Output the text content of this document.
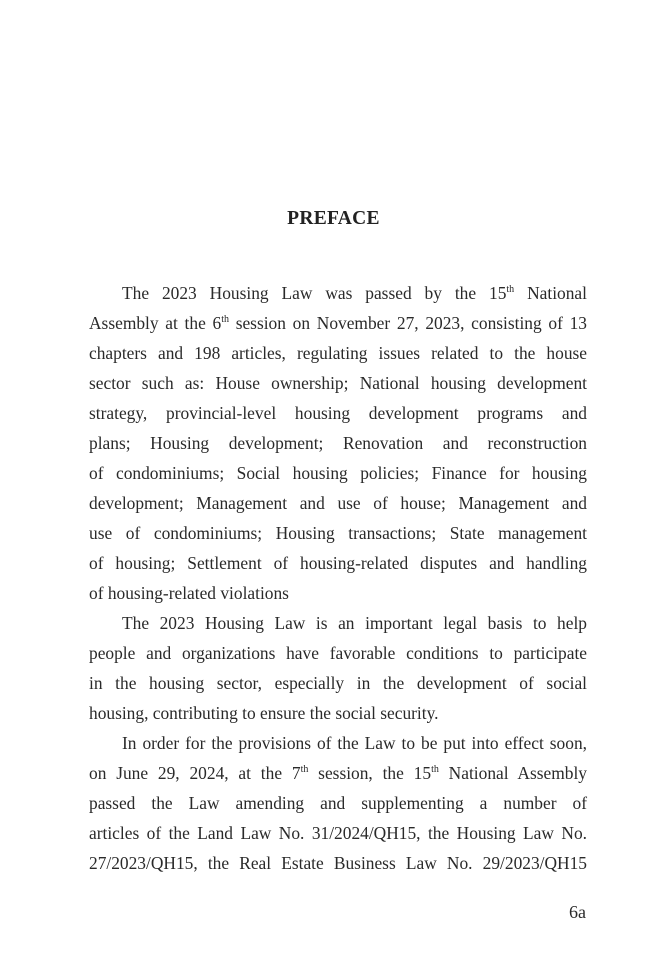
PREFACE
The 2023 Housing Law was passed by the 15th National
Assembly at the 6th session on November 27, 2023, consisting of 13
chapters and 198 articles, regulating issues related to the house
sector such as: House ownership; National housing development
strategy, provincial-level housing development programs and
plans; Housing development; Renovation and reconstruction
of condominiums; Social housing policies; Finance for housing
development; Management and use of house; Management and
use of condominiums; Housing transactions; State management
of housing; Settlement of housing-related disputes and handling
of housing-related violations
The 2023 Housing Law is an important legal basis to help
people and organizations have favorable conditions to participate
in the housing sector, especially in the development of social
housing, contributing to ensure the social security.
In order for the provisions of the Law to be put into effect soon,
on June 29, 2024, at the 7th session, the 15th National Assembly
passed the Law amending and supplementing a number of
articles of the Land Law No. 31/2024/QH15, the Housing Law No.
27/2023/QH15, the Real Estate Business Law No. 29/2023/QH15
6a
